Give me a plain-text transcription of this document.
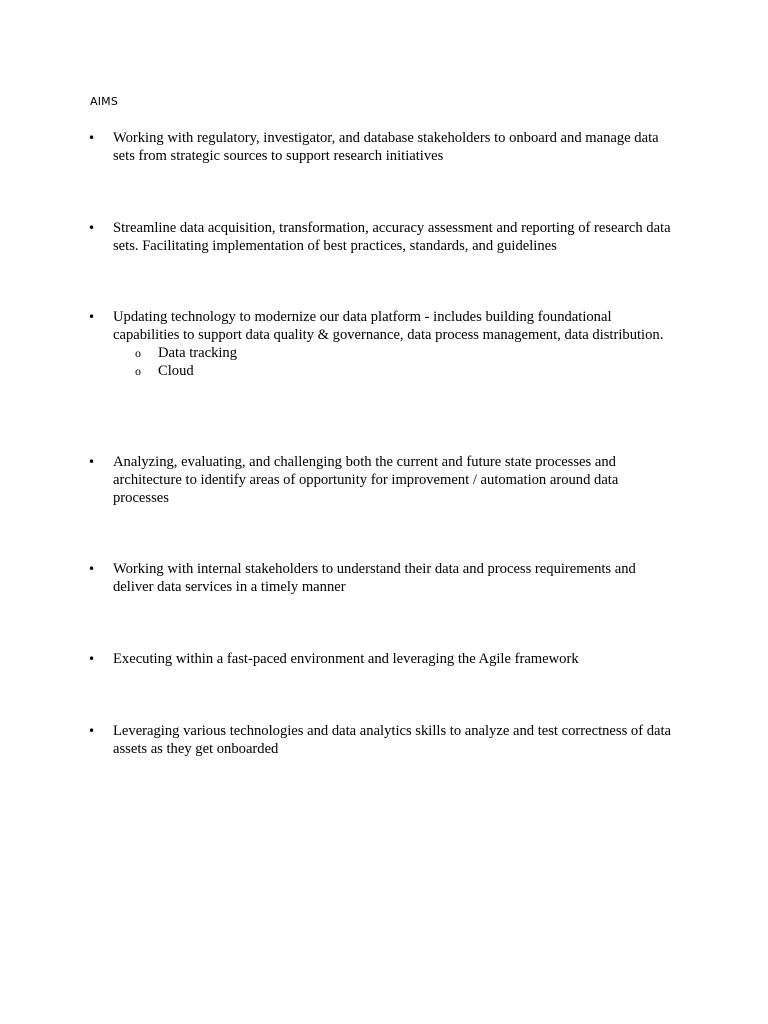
AIMS
•	Working with regulatory, investigator, and database stakeholders to onboard and manage data sets from strategic sources to support research initiatives
•	Streamline data acquisition, transformation, accuracy assessment and reporting of research data sets. Facilitating implementation of best practices, standards, and guidelines
•	Updating technology to modernize our data platform - includes building foundational capabilities to support data quality & governance, data process management, data distribution.
o Data tracking
o Cloud
•	Analyzing, evaluating, and challenging both the current and future state processes and architecture to identify areas of opportunity for improvement / automation around data processes
•	Working with internal stakeholders to understand their data and process requirements and deliver data services in a timely manner
•	Executing within a fast-paced environment and leveraging the Agile framework
•	Leveraging various technologies and data analytics skills to analyze and test correctness of data assets as they get onboarded
